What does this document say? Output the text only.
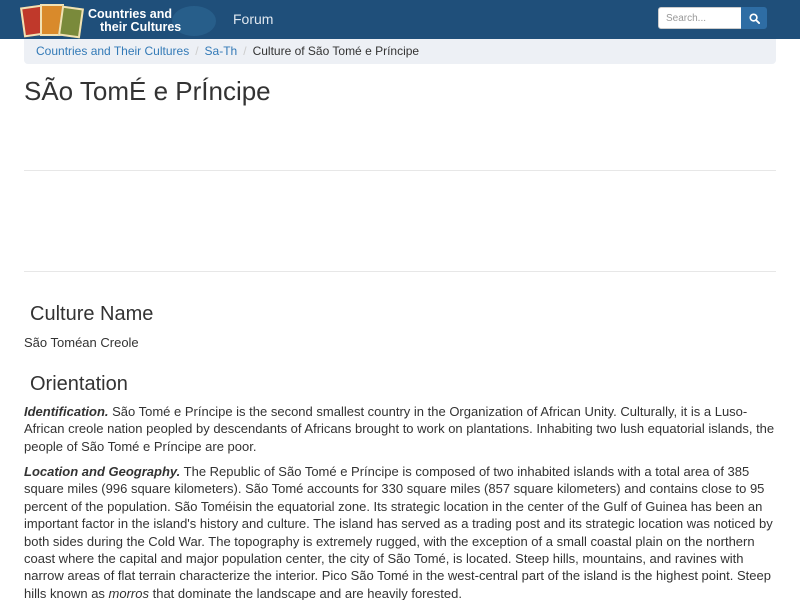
Countries and
their Cultures	Forum
Search...
Countries and Their Cultures / Sa-Th / Culture of São Tomé e Príncipe
SÃo TomÉ e PrÍncipe
Culture Name

São Toméan Creole

Orientation

Identification. São Tomé e Príncipe is the second smallest country in the Organization of African Unity. Culturally, it is a Luso-African creole nation peopled by descendants of Africans brought to work on plantations. Inhabiting two lush equatorial islands, the people of São Tomé e Príncipe are poor.

Location and Geography. The Republic of São Tomé e Príncipe is composed of two inhabited islands with a total area of 385 square miles (996 square kilometers). São Tomé accounts for 330 square miles (857 square kilometers) and contains close to 95 percent of the population. São Toméisin the equatorial zone. Its strategic location in the center of the Gulf of Guinea has been an important factor in the island's history and culture. The island has served as a trading post and its strategic location was noticed by both sides during the Cold War. The topography is extremely rugged, with the exception of a small coastal plain on the northern coast where the capital and major population center, the city of São Tomé, is located. Steep hills, mountains, and ravines with narrow areas of flat terrain characterize the interior. Pico São Tomé in the west-central part of the island is the highest point. Steep hills known as morros that dominate the landscape and are heavily forested.
